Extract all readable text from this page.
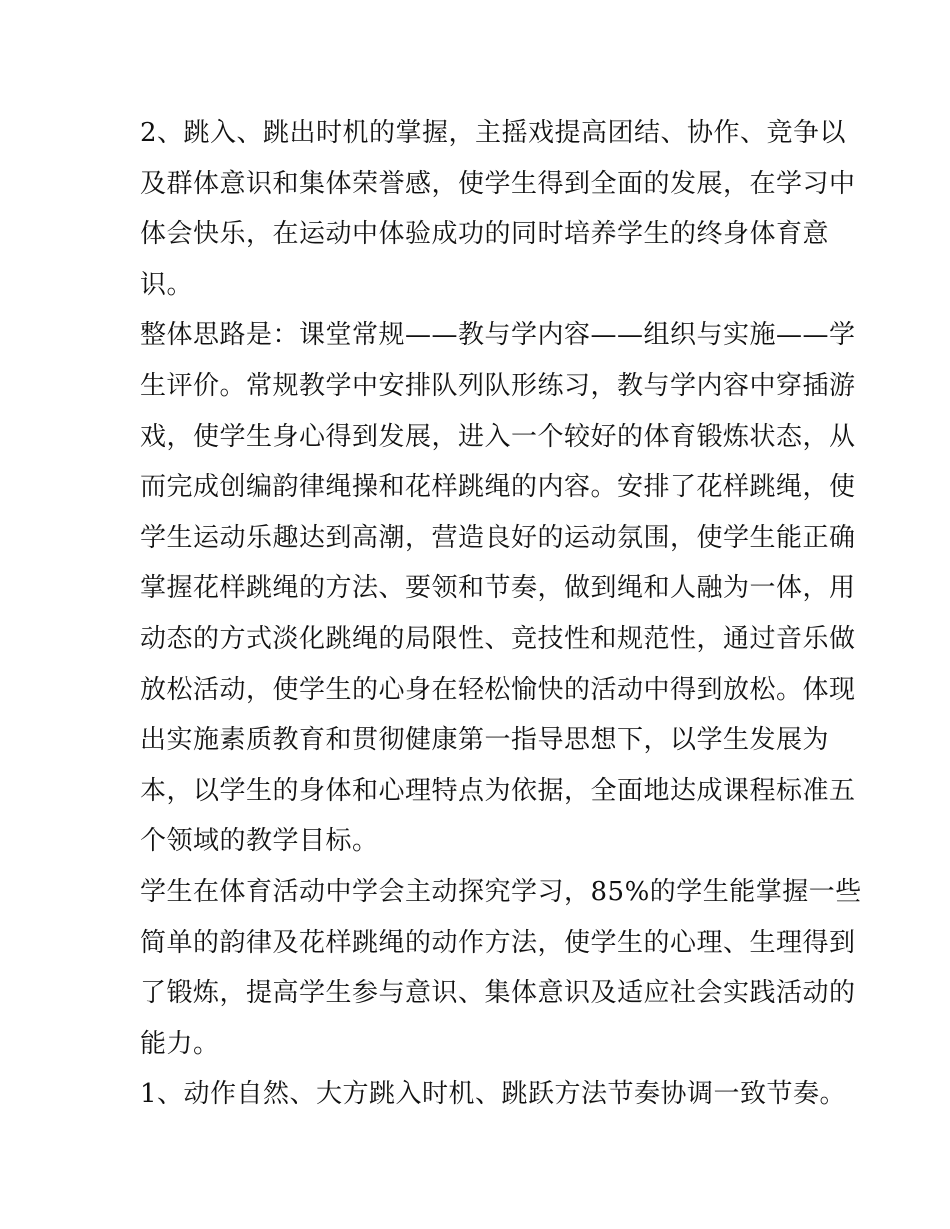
2、跳入、跳出时机的掌握，主摇戏提高团结、协作、竞争以
及群体意识和集体荣誉感，使学生得到全面的发展，在学习中
体会快乐，在运动中体验成功的同时培养学生的终身体育意
识。
整体思路是：课堂常规——教与学内容——组织与实施——学
生评价。常规教学中安排队列队形练习，教与学内容中穿插游
戏，使学生身心得到发展，进入一个较好的体育锻炼状态，从
而完成创编韵律绳操和花样跳绳的内容。安排了花样跳绳，使
学生运动乐趣达到高潮，营造良好的运动氛围，使学生能正确
掌握花样跳绳的方法、要领和节奏，做到绳和人融为一体，用
动态的方式淡化跳绳的局限性、竞技性和规范性，通过音乐做
放松活动，使学生的心身在轻松愉快的活动中得到放松。体现
出实施素质教育和贯彻健康第一指导思想下，以学生发展为
本，以学生的身体和心理特点为依据，全面地达成课程标准五
个领域的教学目标。
学生在体育活动中学会主动探究学习，85%的学生能掌握一些
简单的韵律及花样跳绳的动作方法，使学生的心理、生理得到
了锻炼，提高学生参与意识、集体意识及适应社会实践活动的
能力。
1、动作自然、大方跳入时机、跳跃方法节奏协调一致节奏。
